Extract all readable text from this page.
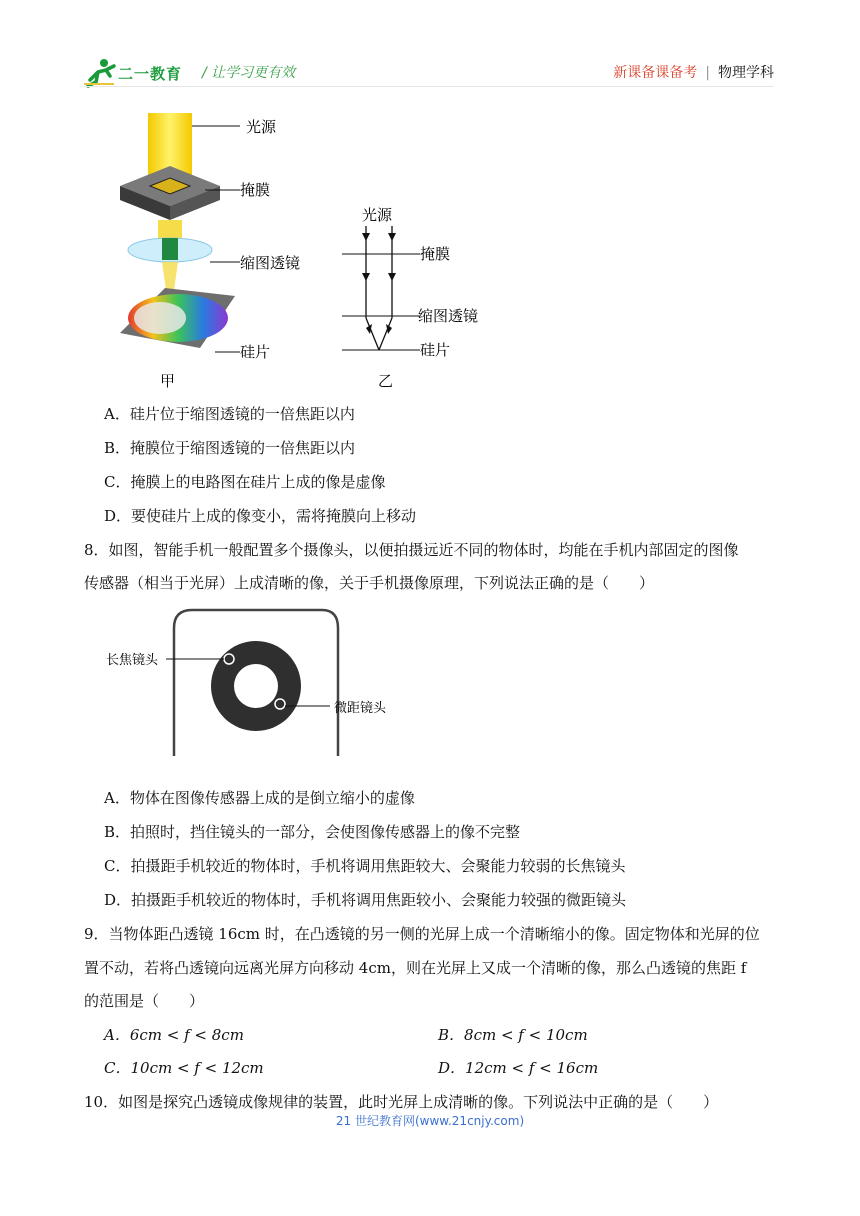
二一教育 / 让学习更有效	新课备课备考 | 物理学科
光源
掩膜
缩图透镜
硅片
甲
光源
掩膜
缩图透镜
硅片
乙
A．硅片位于缩图透镜的一倍焦距以内
B．掩膜位于缩图透镜的一倍焦距以内
C．掩膜上的电路图在硅片上成的像是虚像
D．要使硅片上成的像变小，需将掩膜向上移动
8．如图，智能手机一般配置多个摄像头，以便拍摄远近不同的物体时，均能在手机内部固定的图像
传感器（相当于光屏）上成清晰的像，关于手机摄像原理，下列说法正确的是（　　）
长焦镜头
微距镜头
A．物体在图像传感器上成的是倒立缩小的虚像
B．拍照时，挡住镜头的一部分，会使图像传感器上的像不完整
C．拍摄距手机较近的物体时，手机将调用焦距较大、会聚能力较弱的长焦镜头
D．拍摄距手机较近的物体时，手机将调用焦距较小、会聚能力较强的微距镜头
9．当物体距凸透镜 16cm 时，在凸透镜的另一侧的光屏上成一个清晰缩小的像。固定物体和光屏的位
置不动，若将凸透镜向远离光屏方向移动 4cm，则在光屏上又成一个清晰的像，那么凸透镜的焦距 f
的范围是（　　）
A．6cm < f < 8cm	B．8cm < f < 10cm
C．10cm < f < 12cm	D．12cm < f < 16cm
10．如图是探究凸透镜成像规律的装置，此时光屏上成清晰的像。下列说法中正确的是（　　）
21 世纪教育网(www.21cnjy.com)
